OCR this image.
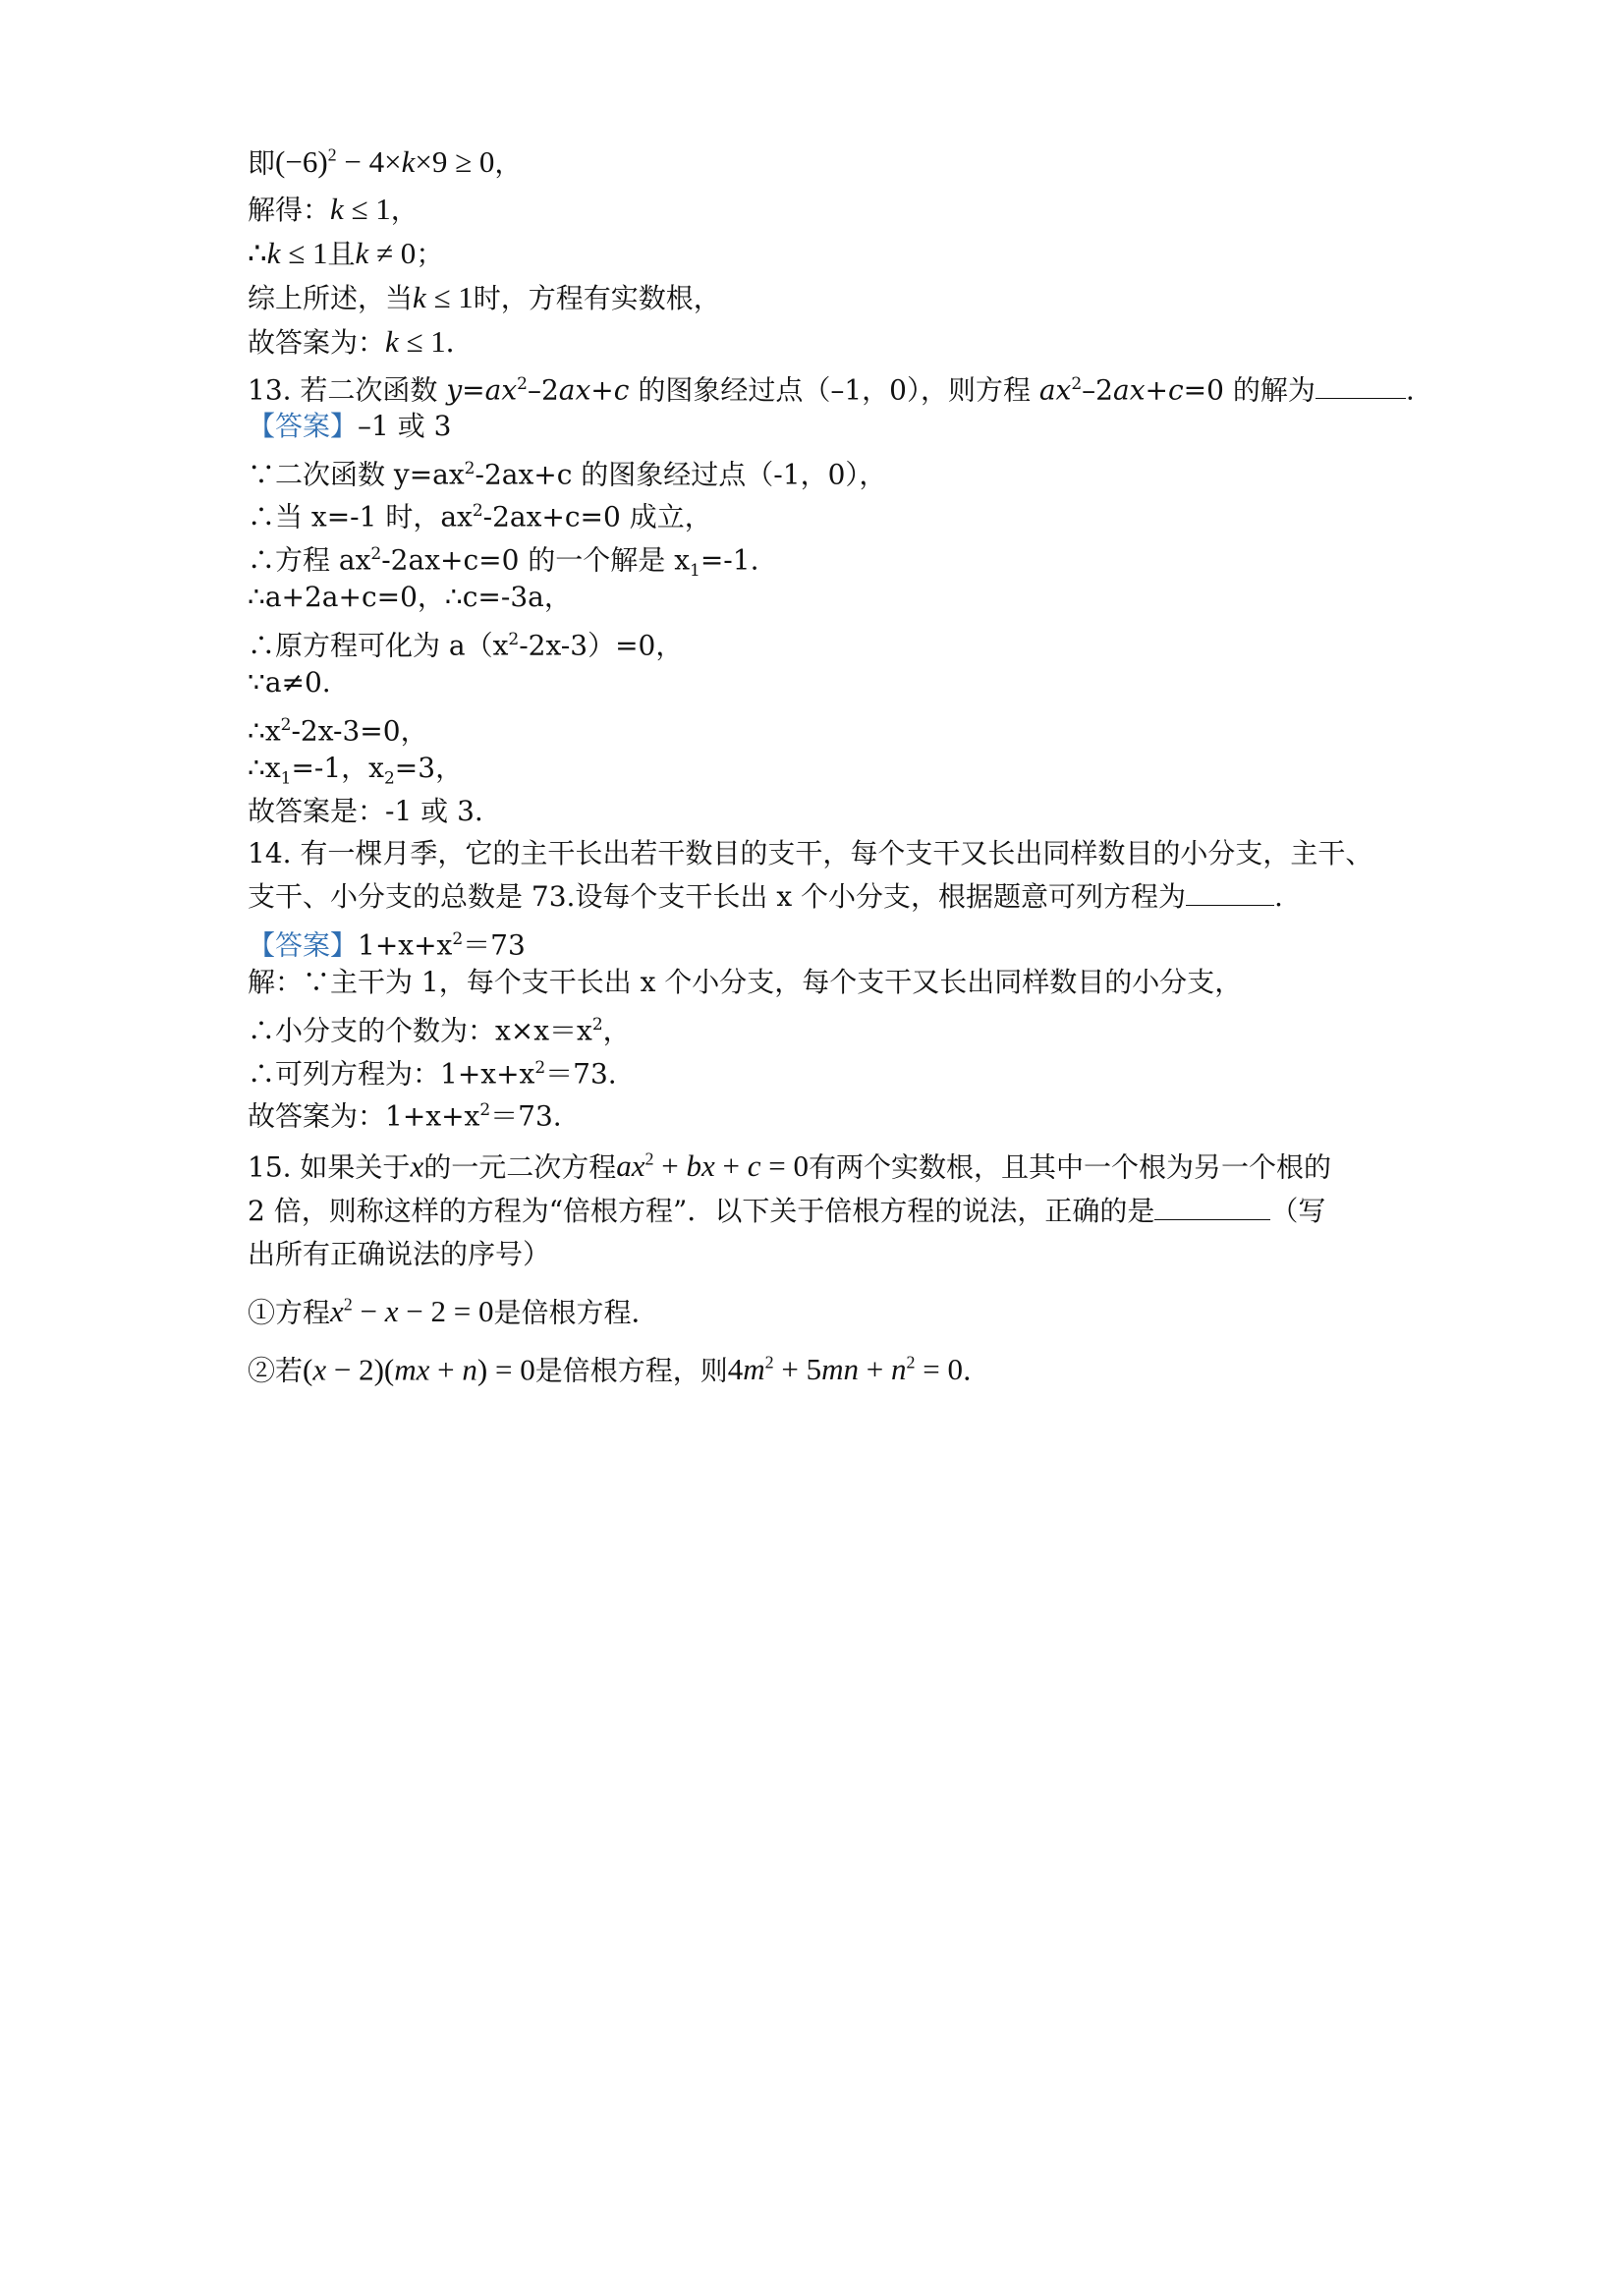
即$(-6)^2 - 4\times k\times 9 \ge 0$，
解得：k ≤ 1，
∴k ≤ 1且k ≠ 0；
综上所述，当k ≤ 1时，方程有实数根，
故答案为：k ≤ 1．
13. 若二次函数 $y=ax^2-2ax+c$ 的图象经过点（–1，0），则方程 $ax^2-2ax+c=0$ 的解为	.
【答案】–1 或 3
∵二次函数 $y=ax^2-2ax+c$ 的图象经过点（-1，0），
∴当 x=-1 时，$ax^2-2ax+c=0$ 成立，
∴方程 $ax^2-2ax+c=0$ 的一个解是 $x_1=-1$.
∴a+2a+c=0，∴c=-3a，
∴原方程可化为 $a(x^2-2x-3)=0$，
∵a≠0.
$\therefore x^2-2x-3=0$，
$\therefore x_1=-1$，$x_2=3$，
故答案是：-1 或 3.
14. 有一棵月季，它的主干长出若干数目的支干，每个支干又长出同样数目的小分支，主干、
支干、小分支的总数是 73.设每个支干长出 x 个小分支，根据题意可列方程为	.
【答案】$1+x+x^2=73$
解：∵主干为 1，每个支干长出 x 个小分支，每个支干又长出同样数目的小分支，
∴小分支的个数为：$x\times x=x^2$，
∴可列方程为：$1+x+x^2=73$.
故答案为：$1+x+x^2=73$.
15. 如果关于x的一元二次方程$ax^2$ + bx + c = 0有两个实数根，且其中一个根为另一个根的
2 倍，则称这样的方程为“倍根方程”．以下关于倍根方程的说法，正确的是	（写
出所有正确说法的序号）
①方程$x^2 - x - 2 = 0$是倍根方程．
②若(x − 2)(mx + n) = 0是倍根方程，则$4m^2 + 5mn + n^2 = 0$．
